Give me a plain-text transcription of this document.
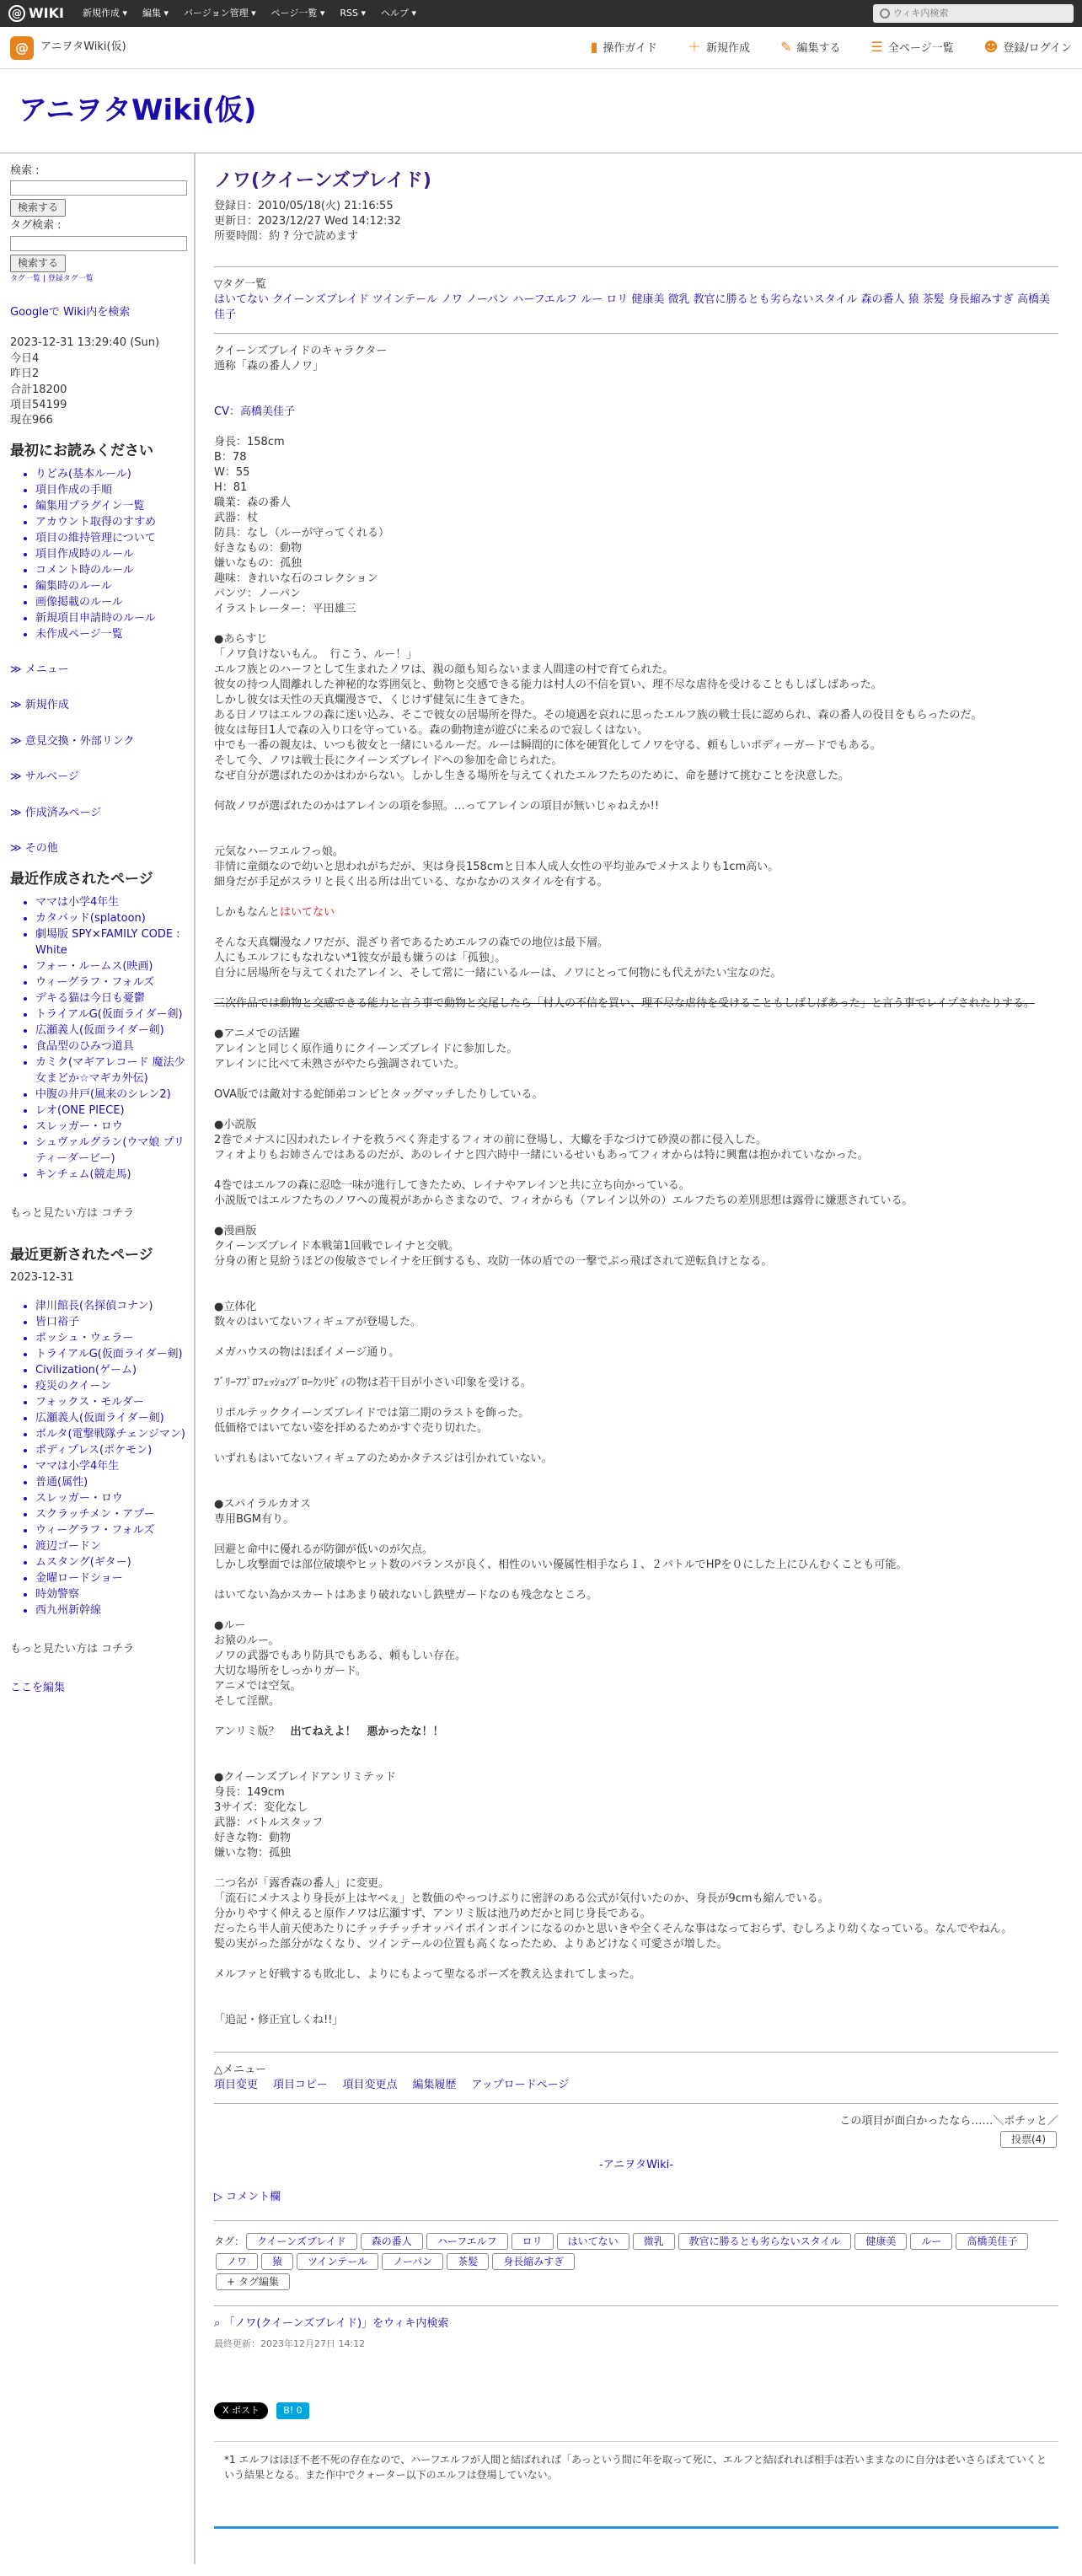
@ WIKI 新規作成 ▾ 編集 ▾ バージョン管理 ▾ ページ一覧 ▾ RSS ▾ ヘルプ ▾	ウィキ内検索
@	アニヲタWiki(仮)	▮ 操作ガイド ＋ 新規作成 ✎ 編集する ☰ 全ページ一覧 ☻ 登録/ログイン
アニヲタWiki(仮)
検索 :
検索する
タグ検索 :
検索する
タグ一覧 | 登録タグ一覧
Googleで Wiki内を検索
2023-12-31 13:29:40 (Sun)
今日4
昨日2
合計18200
項目54199
現在966
最初にお読みください
• りどみ(基本ルール)
• 項目作成の手順
• 編集用プラグイン一覧
• アカウント取得のすすめ
• 項目の維持管理について
• 項目作成時のルール
• コメント時のルール
• 編集時のルール
• 画像掲載のルール
• 新規項目申請時のルール
• 未作成ページ一覧
≫ メニュー
≫ 新規作成
≫ 意見交換・外部リンク
≫ サルベージ
≫ 作成済みページ
≫ その他
最近作成されたページ
• ママは小学4年生
• カタバッド(splatoon)
• 劇場版 SPY×FAMILY CODE : White
• フォー・ルームス(映画)
• ウィーグラフ・フォルズ
• デキる猫は今日も憂鬱
• トライアルG(仮面ライダー剣)
• 広瀬義人(仮面ライダー剣)
• 食品型のひみつ道具
• カミク(マギアレコード 魔法少女まどか☆マギカ外伝)
• 中腹の井戸(風来のシレン2)
• レオ(ONE PIECE)
• スレッガー・ロウ
• シュヴァルグラン(ウマ娘 プリティーダービー)
• キンチェム(競走馬)
もっと見たい方は コチラ
最近更新されたページ
2023-12-31
• 津川館長(名探偵コナン)
• 皆口裕子
• ボッシュ・ウェラー
• トライアルG(仮面ライダー剣)
• Civilization(ゲーム)
• 疫災のクイーン
• フォックス・モルダー
• 広瀬義人(仮面ライダー剣)
• ボルタ(電撃戦隊チェンジマン)
• ボディプレス(ポケモン)
• ママは小学4年生
• 普通(属性)
• スレッガー・ロウ
• スクラッチメン・アプー
• ウィーグラフ・フォルズ
• 渡辺ゴードン
• ムスタング(ギター)
• 金曜ロードショー
• 時効警察
• 西九州新幹線
もっと見たい方は コチラ
ここを編集
ノワ(クイーンズブレイド)
登録日：2010/05/18(火) 21:16:55
更新日：2023/12/27 Wed 14:12:32
所要時間：約 ? 分で読めます
▽タグ一覧
はいてない クイーンズブレイド ツインテール ノワ ノーパン ハーフエルフ ルー ロリ 健康美 微乳 教官に勝るとも劣らないスタイル 森の番人 猿 茶髪 身長縮みすぎ 高橋美佳子
クイーンズブレイドのキャラクター
通称「森の番人ノワ」
CV：高橋美佳子
身長：158cm
B：78
W：55
H：81
職業：森の番人
武器：杖
防具：なし（ルーが守ってくれる）
好きなもの：動物
嫌いなもの：孤独
趣味：きれいな石のコレクション
パンツ：ノーパン
イラストレーター：平田雄三
●あらすじ
「ノワ負けないもん。　行こう、ルー！」
エルフ族とのハーフとして生まれたノワは、親の顔も知らないまま人間達の村で育てられた。
彼女の持つ人間離れした神秘的な雰囲気と、動物と交感できる能力は村人の不信を買い、理不尽な虐待を受けることもしばしばあった。
しかし彼女は天性の天真爛漫さで、くじけず健気に生きてきた。
ある日ノワはエルフの森に迷い込み、そこで彼女の居場所を得た。その境遇を哀れに思ったエルフ族の戦士長に認められ、森の番人の役目をもらったのだ。
彼女は毎日1人で森の入り口を守っている。森の動物達が遊びに来るので寂しくはない。
中でも一番の親友は、いつも彼女と一緒にいるルーだ。ルーは瞬間的に体を硬質化してノワを守る、頼もしいボディーガードでもある。
そして今、ノワは戦士長にクイーンズブレイドへの参加を命じられた。
なぜ自分が選ばれたのかはわからない。しかし生きる場所を与えてくれたエルフたちのために、命を懸けて挑むことを決意した。
何故ノワが選ばれたのかはアレインの項を参照。…ってアレインの項目が無いじゃねえか!!
元気なハーフエルフっ娘。
非情に童顔なので幼いと思われがちだが、実は身長158cmと日本人成人女性の平均並みでメナスよりも1cm高い。
細身だが手足がスラリと長く出る所は出ている、なかなかのスタイルを有する。
しかもなんとはいてない
そんな天真爛漫なノワだが、混ざり者であるためエルフの森での地位は最下層。
人にもエルフにもなれない*1彼女が最も嫌うのは「孤独」。
自分に居場所を与えてくれたアレイン、そして常に一緒にいるルーは、ノワにとって何物にも代えがたい宝なのだ。
三次作品では動物と交感できる能力と言う事で動物と交尾したら「村人の不信を買い、理不尽な虐待を受けることもしばしばあった」と言う事でレイプされたりする。
●アニメでの活躍
アレインと同じく原作通りにクイーンズブレイドに参加した。
アレインに比べて未熟さがやたら強調されていた。
OVA版では敵対する蛇師弟コンビとタッグマッチしたりしている。
●小説版
2巻でメナスに囚われたレイナを救うべく奔走するフィオの前に登場し、大蠍を手なづけて砂漠の都に侵入した。
フィオよりもお姉さんではあるのだが、あのレイナと四六時中一緒にいるせいもあってフィオからは特に興奮は抱かれていなかった。
4巻ではエルフの森に忍唸一味が進行してきたため、レイナやアレインと共に立ち向かっている。
小説版ではエルフたちのノワへの蔑視があからさまなので、フィオからも（アレイン以外の）エルフたちの差別思想は露骨に嫌悪されている。
●漫画版
クイーンズブレイド本戦第1回戦でレイナと交戦。
分身の術と見紛うほどの俊敏さでレイナを圧倒するも、攻防一体の盾での一撃でぶっ飛ばされて逆転負けとなる。
●立体化
数々のはいてないフィギュアが登場した。
メガハウスの物はほぼイメージ通り。
ﾌﾞﾘｰﾌﾌﾟﾛﾌｪｯｼｮﾝﾌﾞﾛｰｸﾝﾘｾﾞｨの物は若干目が小さい印象を受ける。
リボルテッククイーンズブレイドでは第二期のラストを飾った。
低価格ではいてない姿を拝めるためかすぐ売り切れた。
いずれもはいてないフィギュアのためかタテスジは引かれていない。
●スパイラルカオス
専用BGM有り。
回避と命中に優れるが防御が低いのが欠点。
しかし攻撃面では部位破壊やヒット数のバランスが良く、相性のいい優属性相手なら１、２バトルでHPを０にした上にひんむくことも可能。
はいてない為かスカートはあまり破れないし鉄壁ガードなのも残念なところ。
●ルー
お猿のルー。
ノワの武器でもあり防具でもある、頼もしい存在。
大切な場所をしっかりガード。
アニメでは空気。
そして淫獣。
アンリミ版？　出てねえよ！　悪かったな！！
●クイーンズブレイドアンリミテッド
身長：149cm
3サイズ：変化なし
武器：バトルスタッフ
好きな物：動物
嫌いな物：孤独
二つ名が「露香森の番人」に変更。
「流石にメナスより身長が上はヤベぇ」と数価のやっつけぶりに密評のある公式が気付いたのか、身長が9cmも縮んでいる。
分かりやすく伸えると原作ノワは広瀬すず、アンリミ版は池乃めだかと同じ身長である。
だったら半人前天使あたりにチッチチッチオッパイボインボインになるのかと思いきや全くそんな事はなっておらず、むしろより幼くなっている。なんでやねん。
髪の実がった部分がなくなり、ツインテールの位置も高くなったため、よりあどけなく可愛さが増した。
メルファと好戦するも敗北し、よりにもよって聖なるポーズを教え込まれてしまった。
「追記・修正宜しくね!!」
△メニュー
項目変更 項目コピー 項目変更点 編集履歴 アップロードページ
この項目が面白かったなら……＼ポチッと／
投票(4)
-アニヲタWiki-
▷ コメント欄
タグ： クイーンズブレイド	森の番人	ハーフエルフ	ロリ	はいてない	微乳	教官に勝るとも劣らないスタイル	健康美	ルー	高橋美佳子ノワ	猿	ツインテール	ノーパン	茶髪	身長縮みすぎ
+ タグ編集
⌕ 「ノワ(クイーンズブレイド)」をウィキ内検索
最終更新：2023年12月27日 14:12
X ポスト	B! 0
*1 エルフはほぼ不老不死の存在なので、ハーフエルフが人間と結ばれれば「あっという間に年を取って死に、エルフと結ばれれば相手は若いままなのに自分は老いさらばえていくという結果となる。また作中でクォーター以下のエルフは登場していない。
